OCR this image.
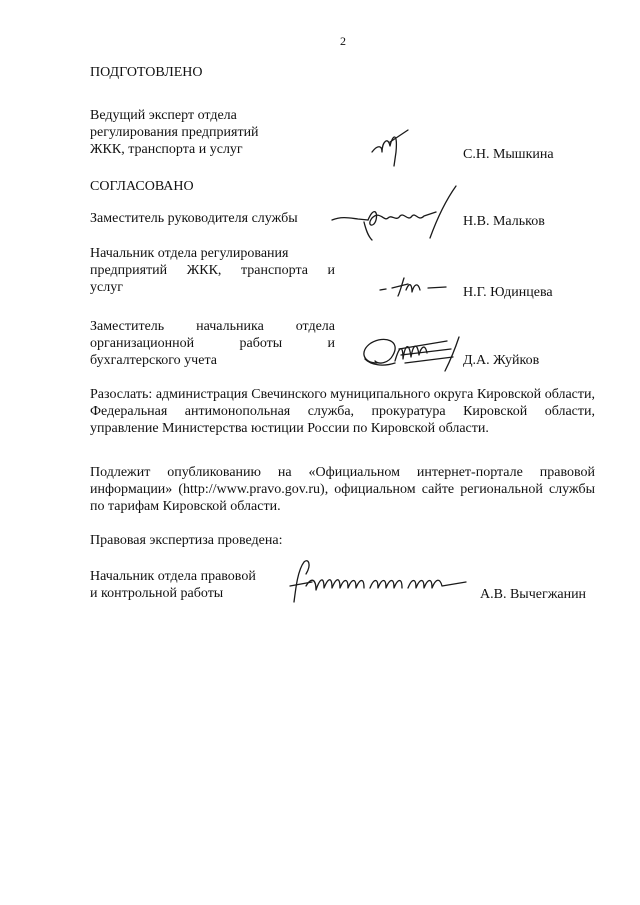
2
ПОДГОТОВЛЕНО
Ведущий эксперт отдела
регулирования предприятий
ЖКК, транспорта и услуг	С.Н. Мышкина
СОГЛАСОВАНО
Заместитель руководителя службы	Н.В. Мальков
Начальник отдела регулирования
предприятий ЖКК, транспорта и
услуг	Н.Г. Юдинцева
Заместитель начальника отдела
организационной работы и
бухгалтерского учета	Д.А. Жуйков
Разослать: администрация Свечинского муниципального округа Кировской области, Федеральная антимонопольная служба, прокуратура Кировской области, управление Министерства юстиции России по Кировской области.
Подлежит опубликованию на «Официальном интернет-портале правовой информации» (http://www.pravo.gov.ru), официальном сайте региональной службы по тарифам Кировской области.
Правовая экспертиза проведена:
Начальник отдела правовой
и контрольной работы	А.В. Вычегжанин
